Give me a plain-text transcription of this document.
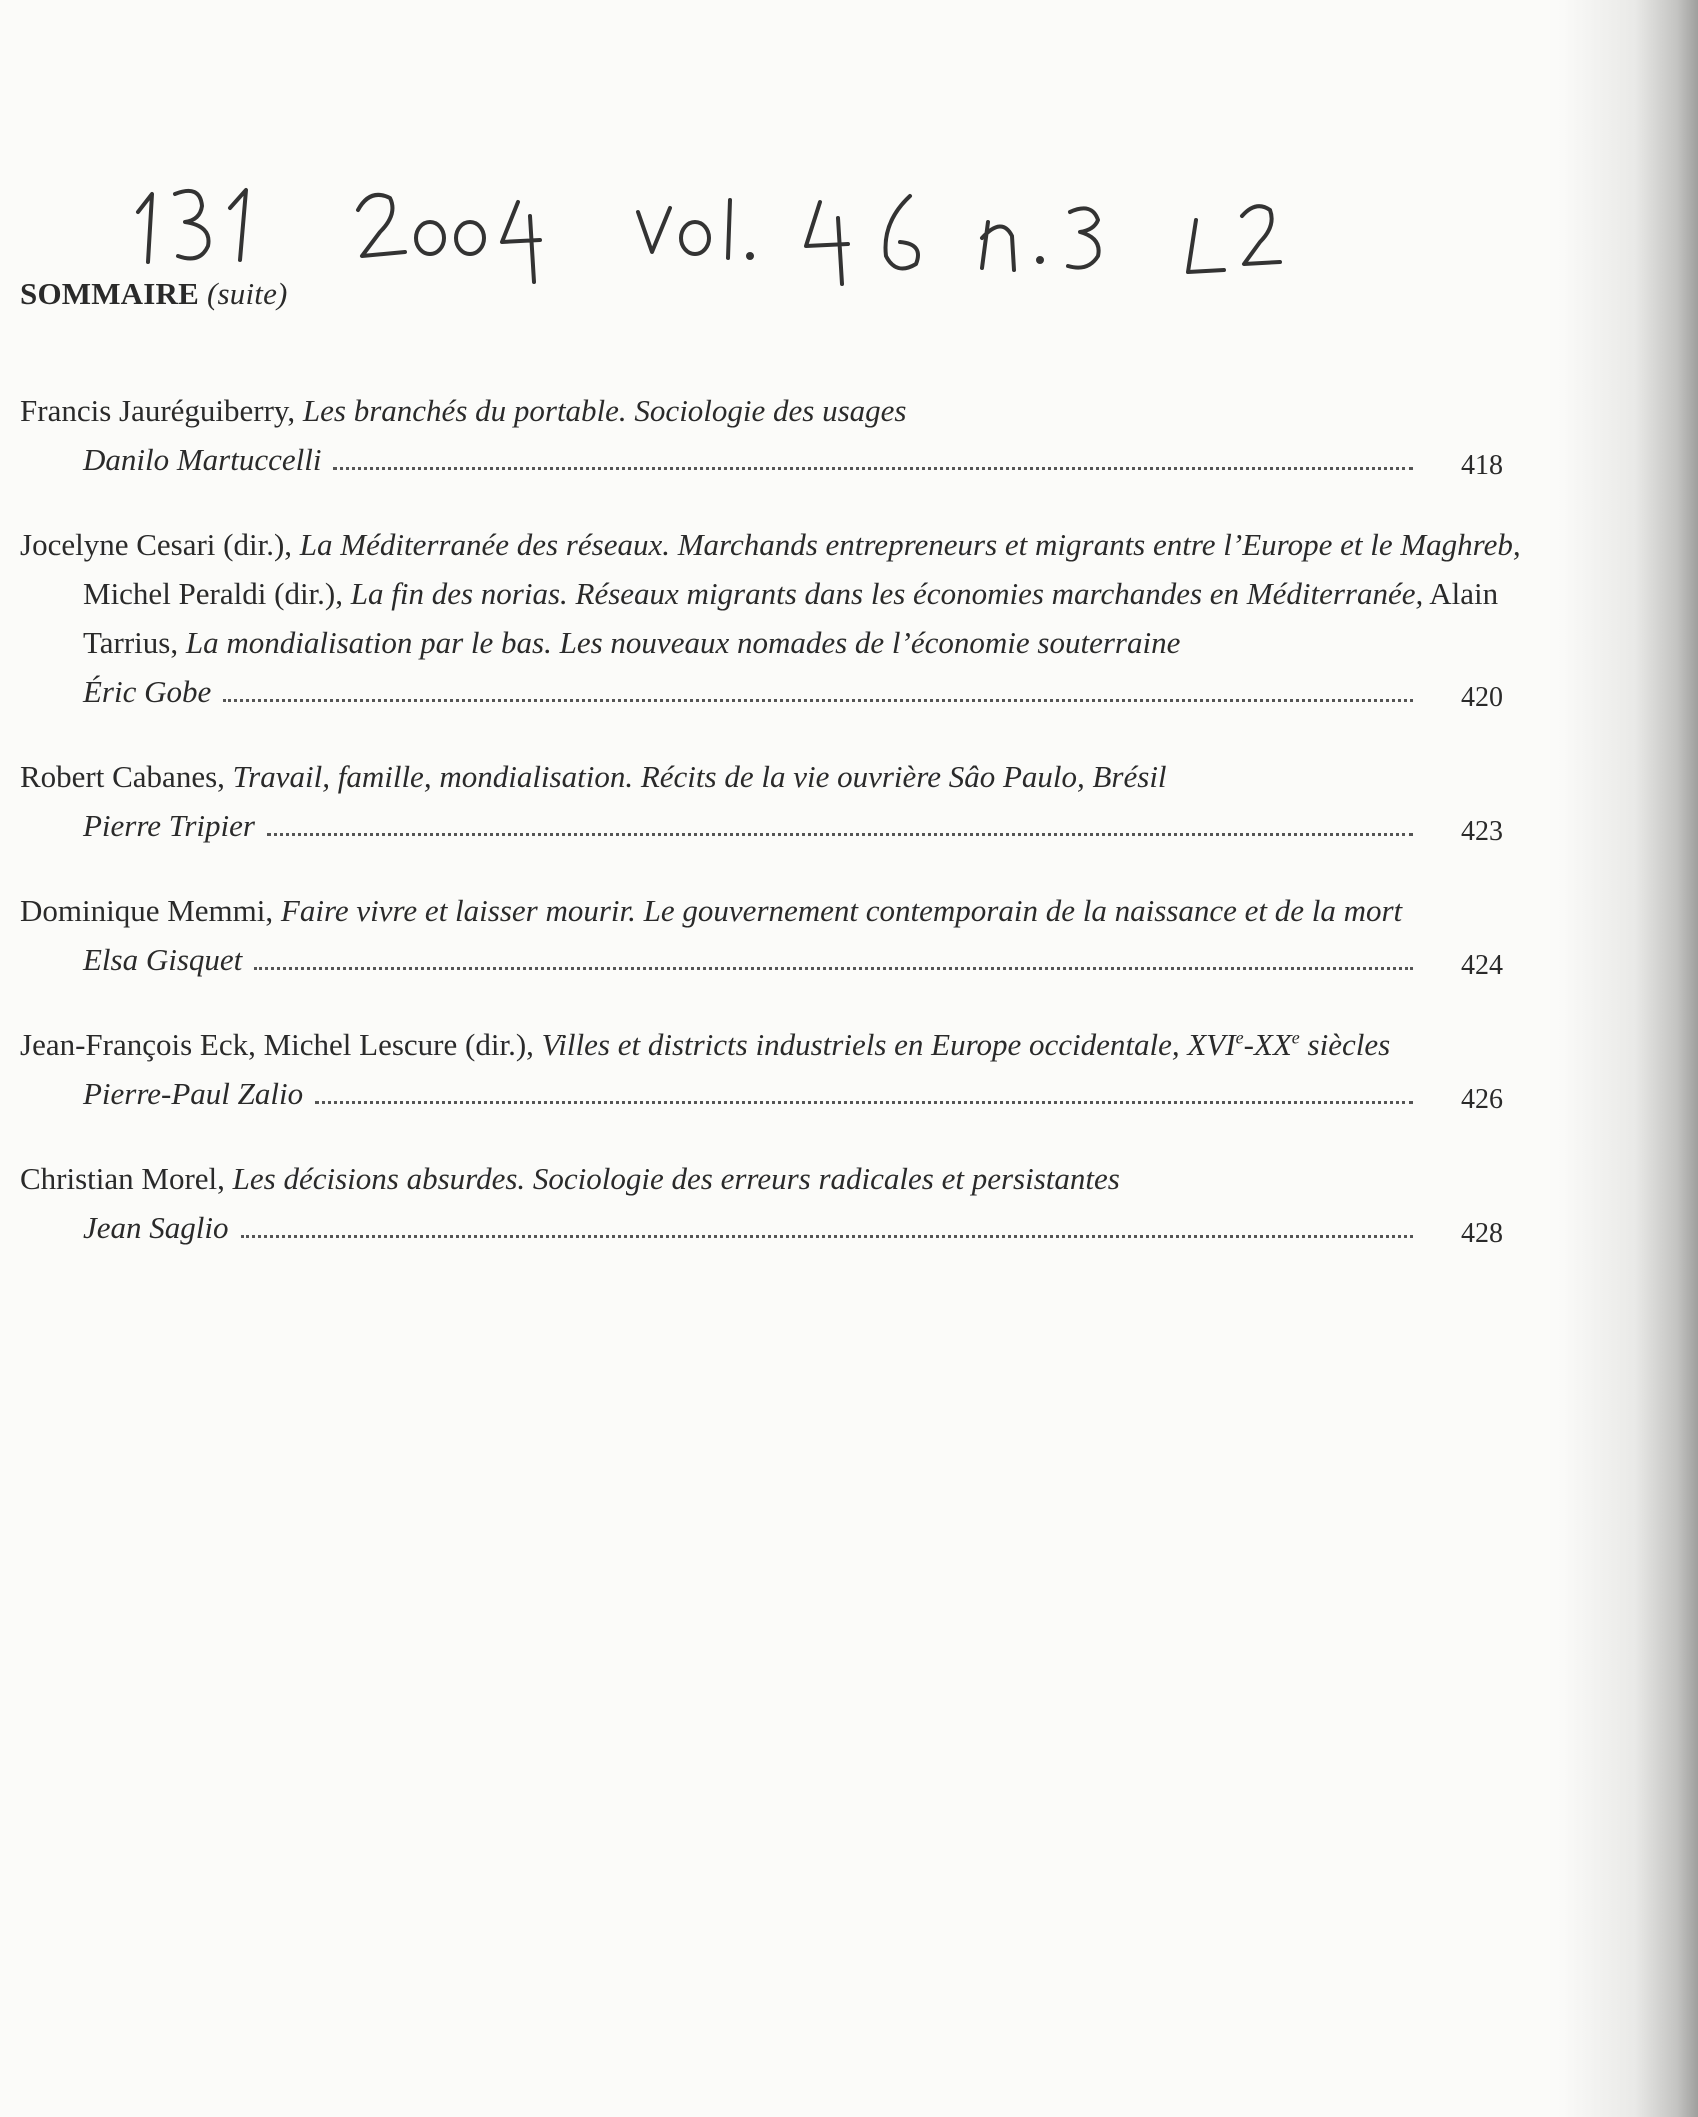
SOMMAIRE (suite)
Francis Jauréguiberry, Les branchés du portable. Sociologie des usages
Danilo Martuccelli	418
Jocelyne Cesari (dir.), La Méditerranée des réseaux. Marchands entrepreneurs et migrants entre l’Europe et le Maghreb, Michel Peraldi (dir.), La fin des norias. Réseaux migrants dans les économies marchandes en Méditerranée, Alain Tarrius, La mondialisation par le bas. Les nouveaux nomades de l’économie souterraine
Éric Gobe	420
Robert Cabanes, Travail, famille, mondialisation. Récits de la vie ouvrière Sâo Paulo, Brésil
Pierre Tripier	423
Dominique Memmi, Faire vivre et laisser mourir. Le gouvernement contemporain de la naissance et de la mort
Elsa Gisquet	424
Jean-François Eck, Michel Lescure (dir.), Villes et districts industriels en Europe occidentale, XVIe-XXe siècles
Pierre-Paul Zalio	426
Christian Morel, Les décisions absurdes. Sociologie des erreurs radicales et persistantes
Jean Saglio	428
